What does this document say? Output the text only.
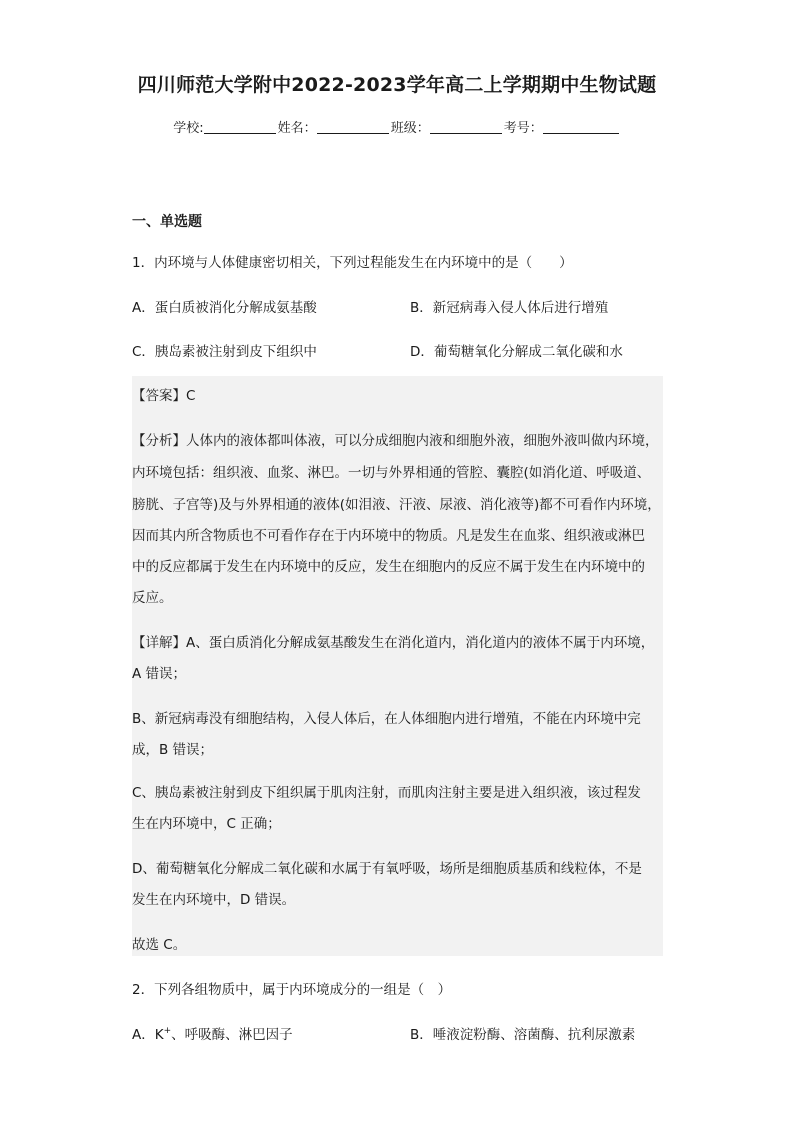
四川师范大学附中2022-2023学年高二上学期期中生物试题
学校:	姓名：	班级：	考号：
一、单选题
1．内环境与人体健康密切相关，下列过程能发生在内环境中的是（　　）
A．蛋白质被消化分解成氨基酸	B．新冠病毒入侵人体后进行增殖
C．胰岛素被注射到皮下组织中	D．葡萄糖氧化分解成二氧化碳和水
【答案】C
【分析】人体内的液体都叫体液，可以分成细胞内液和细胞外液，细胞外液叫做内环境，
内环境包括：组织液、血浆、淋巴。一切与外界相通的管腔、囊腔(如消化道、呼吸道、
膀胱、子宫等)及与外界相通的液体(如泪液、汗液、尿液、消化液等)都不可看作内环境，
因而其内所含物质也不可看作存在于内环境中的物质。凡是发生在血浆、组织液或淋巴
中的反应都属于发生在内环境中的反应，发生在细胞内的反应不属于发生在内环境中的
反应。
【详解】A、蛋白质消化分解成氨基酸发生在消化道内，消化道内的液体不属于内环境，
A 错误；
B、新冠病毒没有细胞结构，入侵人体后，在人体细胞内进行增殖，不能在内环境中完
成，B 错误；
C、胰岛素被注射到皮下组织属于肌肉注射，而肌肉注射主要是进入组织液，该过程发
生在内环境中，C 正确；
D、葡萄糖氧化分解成二氧化碳和水属于有氧呼吸，场所是细胞质基质和线粒体，不是
发生在内环境中，D 错误。
故选 C。
2．下列各组物质中，属于内环境成分的一组是（　）
A．K+、呼吸酶、淋巴因子	B．唾液淀粉酶、溶菌酶、抗利尿激素
